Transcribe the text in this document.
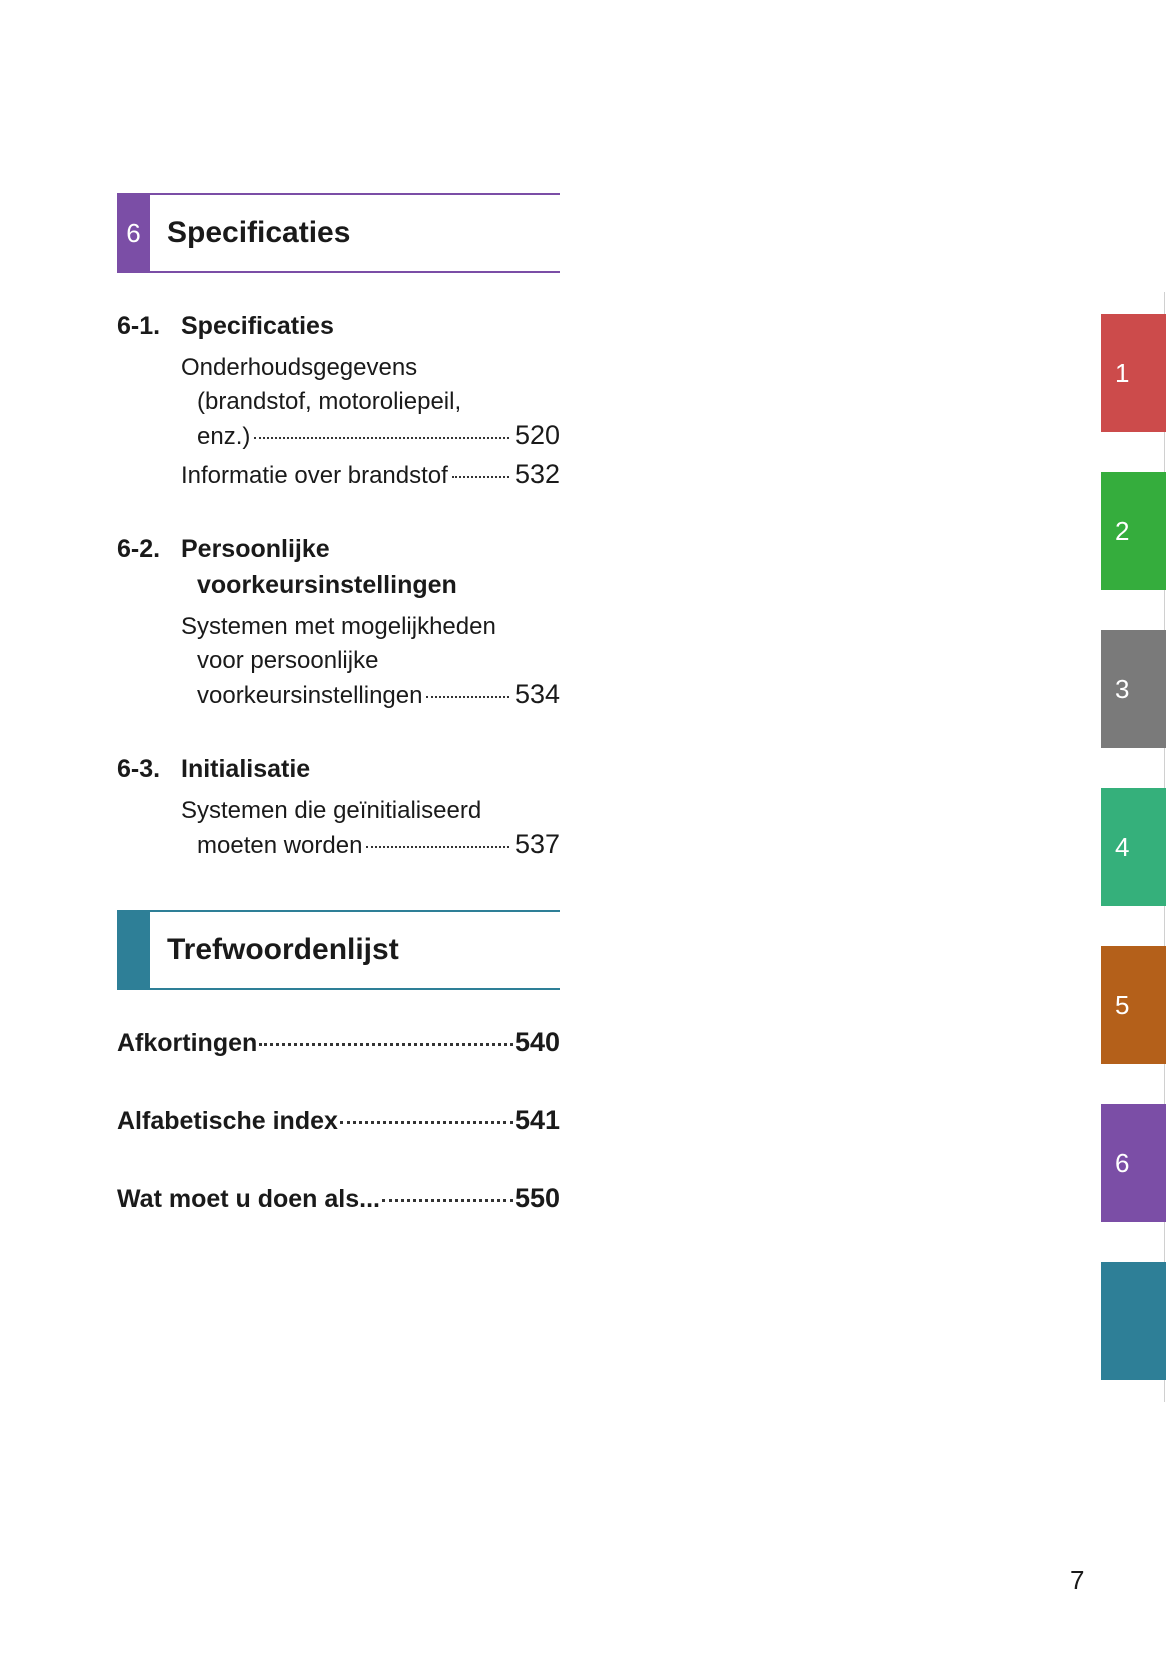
6 Specificaties
6-1. Specificaties
Onderhoudsgegevens
(brandstof, motoroliepeil,
enz.)	520
Informatie over brandstof 532
6-2. Persoonlijke
voorkeursinstellingen
Systemen met mogelijkheden
voor persoonlijke
voorkeursinstellingen	534
6-3. Initialisatie
Systemen die geïnitialiseerd
moeten worden	537
Trefwoordenlijst
Afkortingen	540
Alfabetische index	541
Wat moet u doen als...	550
1
2
3
4
5
6
7
